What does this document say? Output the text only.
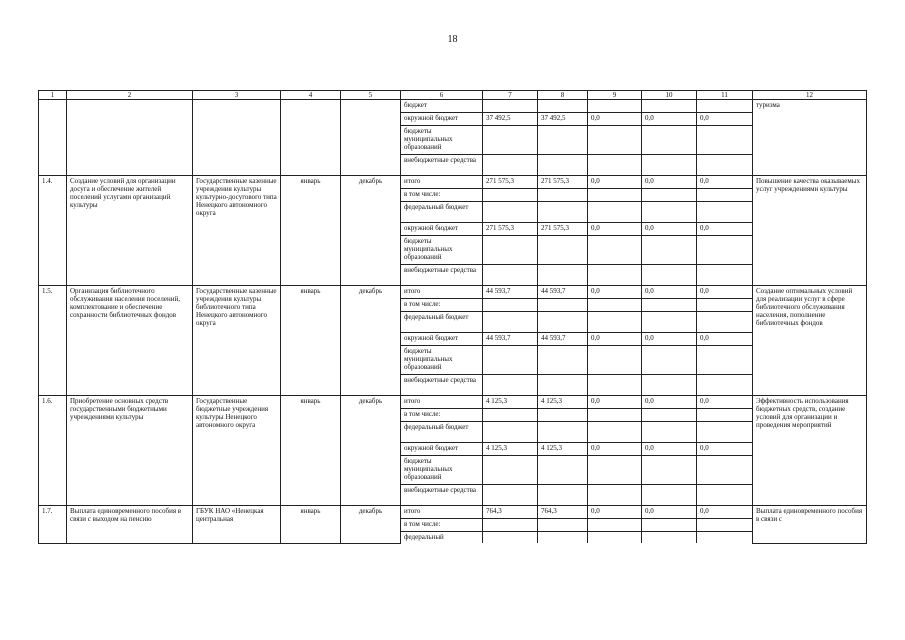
18
1	2	3	4	5	6	7	8	9	10	11	12
					бюджет						туризма
					окружной бюджет	37 492,5	37 492,5	0,0	0,0	0,0	
					бюджеты муниципальных образований						
					внебюджетные средства						
1.4.	Создание условий для организации досуга и обеспечение жителей поселений услугами организаций культуры	Государственные казенные учреждения культуры культурно-досугового типа Ненецкого автономного округа	январь	декабрь	итого	271 575,3	271 575,3	0,0	0,0	0,0	Повышение качества оказываемых услуг учреждениями культуры
					в том числе:						
					федеральный бюджет						
					окружной бюджет	271 575,3	271 575,3	0,0	0,0	0,0	
					бюджеты муниципальных образований						
					внебюджетные средства						
1.5.	Организация библиотечного обслуживания населения поселений, комплектование и обеспечение сохранности библиотечных фондов	Государственные казенные учреждения культуры библиотечного типа Ненецкого автономного округа	январь	декабрь	итого	44 593,7	44 593,7	0,0	0,0	0,0	Создание оптимальных условий для реализации услуг в сфере библиотечного обслуживания населения, пополнение библиотечных фондов
					в том числе:						
					федеральный бюджет						
					окружной бюджет	44 593,7	44 593,7	0,0	0,0	0,0	
					бюджеты муниципальных образований						
					внебюджетные средства						
1.6.	Приобретение основных средств государственными бюджетными учреждениями культуры	Государственные бюджетные учреждения культуры Ненецкого автономного округа	январь	декабрь	итого	4 125,3	4 125,3	0,0	0,0	0,0	Эффективность использования бюджетных средств, создание условий для организации и проведения мероприятий
					в том числе:						
					федеральный бюджет						
					окружной бюджет	4 125,3	4 125,3	0,0	0,0	0,0	
					бюджеты муниципальных образований						
					внебюджетные средства						
1.7.	Выплата единовременного пособия в связи с выходом на пенсию	ГБУК НАО «Ненецкая центральная	январь	декабрь	итого	764,3	764,3	0,0	0,0	0,0	Выплата единовременного пособия в связи с
					в том числе:						
					федеральный						
